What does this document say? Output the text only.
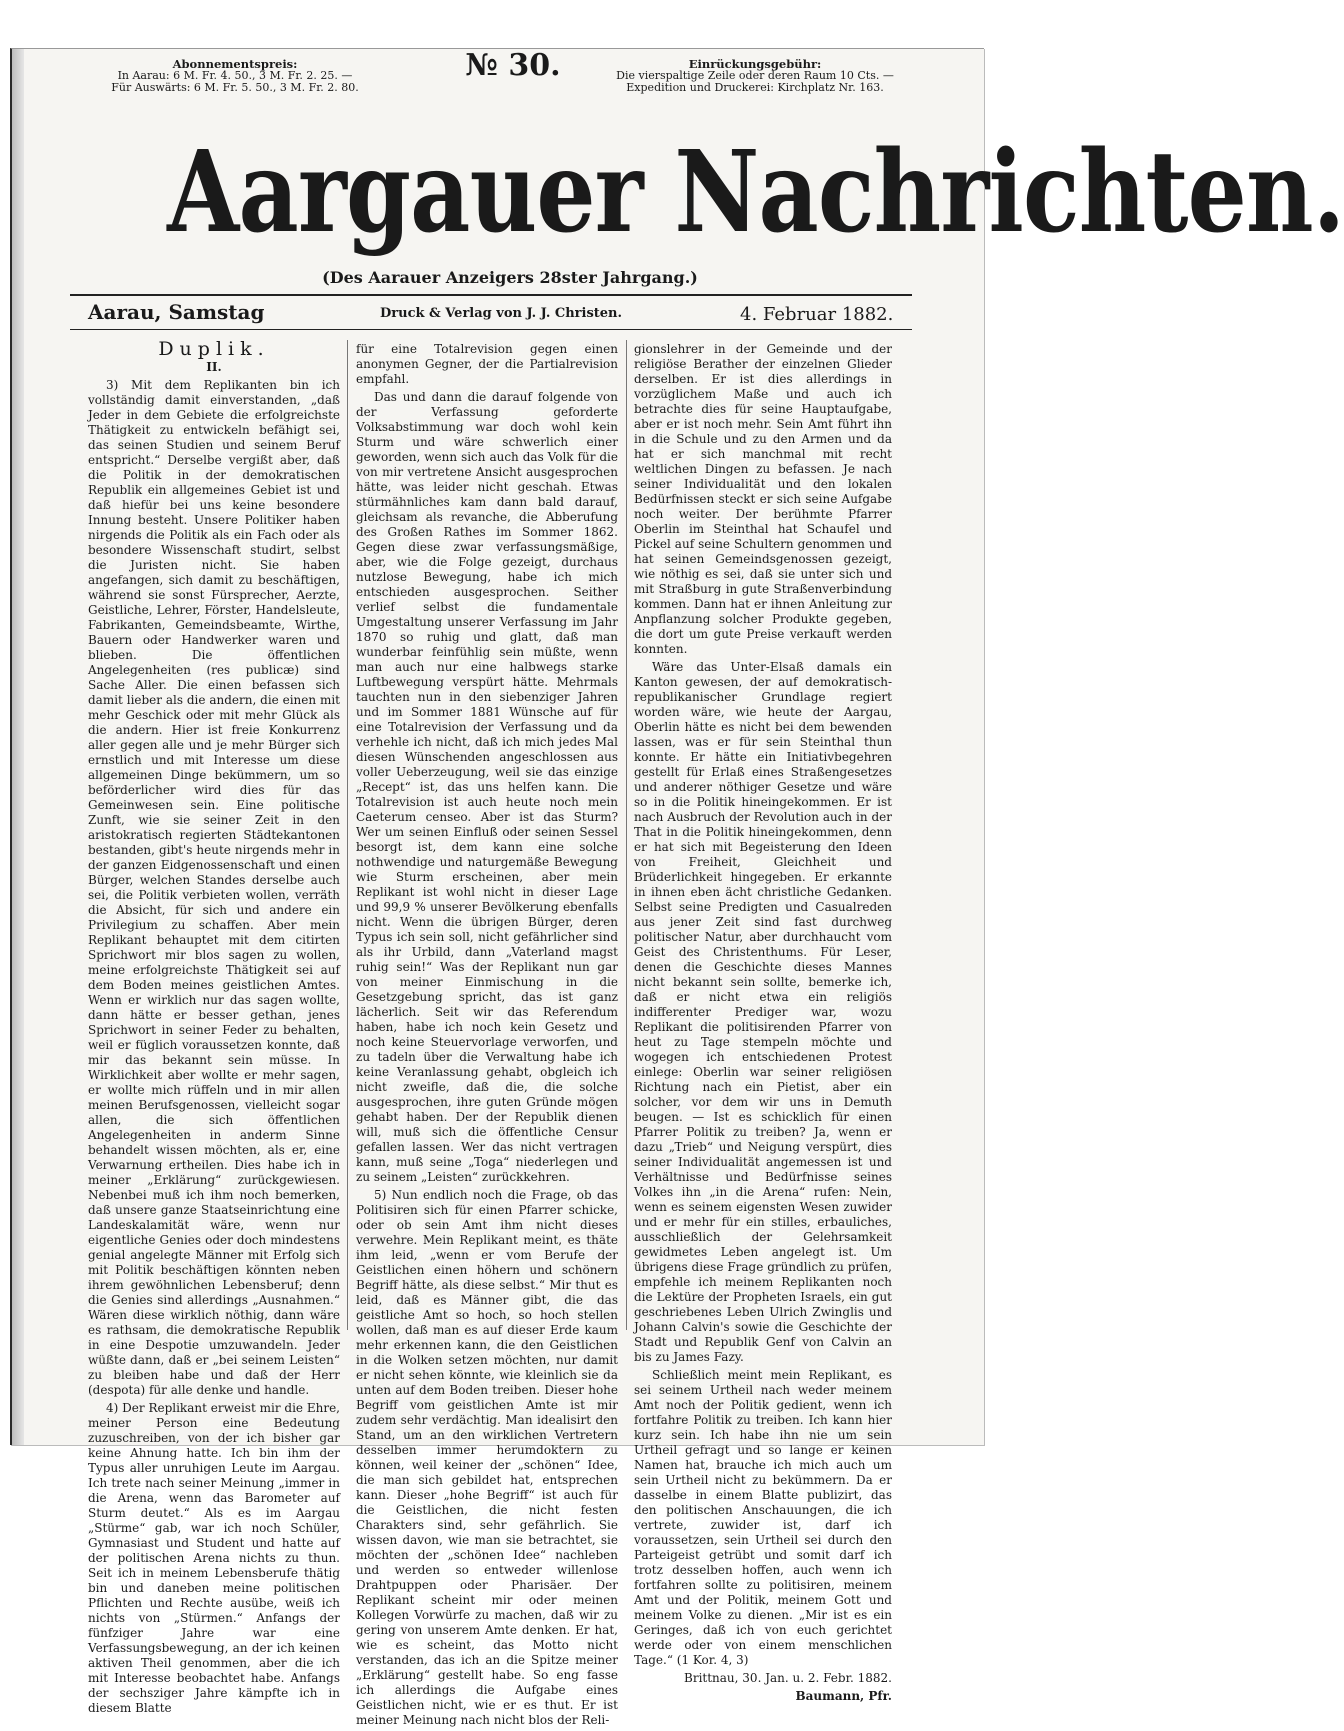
Abonnementspreis:
In Aarau: 6 M. Fr. 4. 50., 3 M. Fr. 2. 25. —
Für Auswärts: 6 M. Fr. 5. 50., 3 M. Fr. 2. 80.
№ 30.	Einrückungsgebühr:
Die vierspaltige Zeile oder deren Raum 10 Cts. —
Expedition und Druckerei: Kirchplatz Nr. 163.
Aargauer Nachrichten.
(Des Aarauer Anzeigers 28ster Jahrgang.)
Aarau, Samstag	Druck & Verlag von J. J. Christen.	4. Februar 1882.

Duplik.

II.

3) Mit dem Replikanten bin ich vollständig damit einverstanden, „daß Jeder in dem Gebiete die erfolgreichste Thätigkeit zu entwickeln befähigt sei, das seinen Studien und seinem Beruf entspricht.“ Derselbe vergißt aber, daß die Politik in der demokratischen Republik ein allgemeines Gebiet ist und daß hiefür bei uns keine besondere Innung besteht. Unsere Politiker haben nirgends die Politik als ein Fach oder als besondere Wissenschaft studirt, selbst die Juristen nicht. Sie haben angefangen, sich damit zu beschäftigen, während sie sonst Fürsprecher, Aerzte, Geistliche, Lehrer, Förster, Handelsleute, Fabrikanten, Gemeindsbeamte, Wirthe, Bauern oder Handwerker waren und blieben. Die öffentlichen Angelegenheiten (res publicæ) sind Sache Aller. Die einen befassen sich damit lieber als die andern, die einen mit mehr Geschick oder mit mehr Glück als die andern. Hier ist freie Konkurrenz aller gegen alle und je mehr Bürger sich ernstlich und mit Interesse um diese allgemeinen Dinge bekümmern, um so beförderlicher wird dies für das Gemeinwesen sein. Eine politische Zunft, wie sie seiner Zeit in den aristokratisch regierten Städtekantonen bestanden, gibt's heute nirgends mehr in der ganzen Eidgenossenschaft und einen Bürger, welchen Standes derselbe auch sei, die Politik verbieten wollen, verräth die Absicht, für sich und andere ein Privilegium zu schaffen. Aber mein Replikant behauptet mit dem citirten Sprichwort mir blos sagen zu wollen, meine erfolgreichste Thätigkeit sei auf dem Boden meines geistlichen Amtes. Wenn er wirklich nur das sagen wollte, dann hätte er besser gethan, jenes Sprichwort in seiner Feder zu behalten, weil er füglich voraussetzen konnte, daß mir das bekannt sein müsse. In Wirklichkeit aber wollte er mehr sagen, er wollte mich rüffeln und in mir allen meinen Berufsgenossen, vielleicht sogar allen, die sich öffentlichen Angelegenheiten in anderm Sinne behandelt wissen möchten, als er, eine Verwarnung ertheilen. Dies habe ich in meiner „Erklärung“ zurückgewiesen. Nebenbei muß ich ihm noch bemerken, daß unsere ganze Staatseinrichtung eine Landeskalamität wäre, wenn nur eigentliche Genies oder doch mindestens genial angelegte Männer mit Erfolg sich mit Politik beschäftigen könnten neben ihrem gewöhnlichen Lebensberuf; denn die Genies sind allerdings „Ausnahmen.“ Wären diese wirklich nöthig, dann wäre es rathsam, die demokratische Republik in eine Despotie umzuwandeln. Jeder wüßte dann, daß er „bei seinem Leisten“ zu bleiben habe und daß der Herr (despota) für alle denke und handle.

4) Der Replikant erweist mir die Ehre, meiner Person eine Bedeutung zuzuschreiben, von der ich bisher gar keine Ahnung hatte. Ich bin ihm der Typus aller unruhigen Leute im Aargau. Ich trete nach seiner Meinung „immer in die Arena, wenn das Barometer auf Sturm deutet.“ Als es im Aargau „Stürme“ gab, war ich noch Schüler, Gymnasiast und Student und hatte auf der politischen Arena nichts zu thun. Seit ich in meinem Lebensberufe thätig bin und daneben meine politischen Pflichten und Rechte ausübe, weiß ich nichts von „Stürmen.“ Anfangs der fünfziger Jahre war eine Verfassungsbewegung, an der ich keinen aktiven Theil genommen, aber die ich mit Interesse beobachtet habe. Anfangs der sechsziger Jahre kämpfte ich in diesem Blatte

für eine Totalrevision gegen einen anonymen Gegner, der die Partialrevision empfahl.

Das und dann die darauf folgende von der Verfassung geforderte Volksabstimmung war doch wohl kein Sturm und wäre schwerlich einer geworden, wenn sich auch das Volk für die von mir vertretene Ansicht ausgesprochen hätte, was leider nicht geschah. Etwas stürmähnliches kam dann bald darauf, gleichsam als revanche, die Abberufung des Großen Rathes im Sommer 1862. Gegen diese zwar verfassungsmäßige, aber, wie die Folge gezeigt, durchaus nutzlose Bewegung, habe ich mich entschieden ausgesprochen. Seither verlief selbst die fundamentale Umgestaltung unserer Verfassung im Jahr 1870 so ruhig und glatt, daß man wunderbar feinfühlig sein müßte, wenn man auch nur eine halbwegs starke Luftbewegung verspürt hätte. Mehrmals tauchten nun in den siebenziger Jahren und im Sommer 1881 Wünsche auf für eine Totalrevision der Verfassung und da verhehle ich nicht, daß ich mich jedes Mal diesen Wünschenden angeschlossen aus voller Ueberzeugung, weil sie das einzige „Recept“ ist, das uns helfen kann. Die Totalrevision ist auch heute noch mein Caeterum censeo. Aber ist das Sturm? Wer um seinen Einfluß oder seinen Sessel besorgt ist, dem kann eine solche nothwendige und naturgemäße Bewegung wie Sturm erscheinen, aber mein Replikant ist wohl nicht in dieser Lage und 99,9 % unserer Bevölkerung ebenfalls nicht. Wenn die übrigen Bürger, deren Typus ich sein soll, nicht gefährlicher sind als ihr Urbild, dann „Vaterland magst ruhig sein!“ Was der Replikant nun gar von meiner Einmischung in die Gesetzgebung spricht, das ist ganz lächerlich. Seit wir das Referendum haben, habe ich noch kein Gesetz und noch keine Steuervorlage verworfen, und zu tadeln über die Verwaltung habe ich keine Veranlassung gehabt, obgleich ich nicht zweifle, daß die, die solche ausgesprochen, ihre guten Gründe mögen gehabt haben. Der der Republik dienen will, muß sich die öffentliche Censur gefallen lassen. Wer das nicht vertragen kann, muß seine „Toga“ niederlegen und zu seinem „Leisten“ zurückkehren.

5) Nun endlich noch die Frage, ob das Politisiren sich für einen Pfarrer schicke, oder ob sein Amt ihm nicht dieses verwehre. Mein Replikant meint, es thäte ihm leid, „wenn er vom Berufe der Geistlichen einen höhern und schönern Begriff hätte, als diese selbst.“ Mir thut es leid, daß es Männer gibt, die das geistliche Amt so hoch, so hoch stellen wollen, daß man es auf dieser Erde kaum mehr erkennen kann, die den Geistlichen in die Wolken setzen möchten, nur damit er nicht sehen könnte, wie kleinlich sie da unten auf dem Boden treiben. Dieser hohe Begriff vom geistlichen Amte ist mir zudem sehr verdächtig. Man idealisirt den Stand, um an den wirklichen Vertretern desselben immer herumdoktern zu können, weil keiner der „schönen“ Idee, die man sich gebildet hat, entsprechen kann. Dieser „hohe Begriff“ ist auch für die Geistlichen, die nicht festen Charakters sind, sehr gefährlich. Sie wissen davon, wie man sie betrachtet, sie möchten der „schönen Idee“ nachleben und werden so entweder willenlose Drahtpuppen oder Pharisäer. Der Replikant scheint mir oder meinen Kollegen Vorwürfe zu machen, daß wir zu gering von unserem Amte denken. Er hat, wie es scheint, das Motto nicht verstanden, das ich an die Spitze meiner „Erklärung“ gestellt habe. So eng fasse ich allerdings die Aufgabe eines Geistlichen nicht, wie er es thut. Er ist meiner Meinung nach nicht blos der Reli-

gionslehrer in der Gemeinde und der religiöse Berather der einzelnen Glieder derselben. Er ist dies allerdings in vorzüglichem Maße und auch ich betrachte dies für seine Hauptaufgabe, aber er ist noch mehr. Sein Amt führt ihn in die Schule und zu den Armen und da hat er sich manchmal mit recht weltlichen Dingen zu befassen. Je nach seiner Individualität und den lokalen Bedürfnissen steckt er sich seine Aufgabe noch weiter. Der berühmte Pfarrer Oberlin im Steinthal hat Schaufel und Pickel auf seine Schultern genommen und hat seinen Gemeindsgenossen gezeigt, wie nöthig es sei, daß sie unter sich und mit Straßburg in gute Straßenverbindung kommen. Dann hat er ihnen Anleitung zur Anpflanzung solcher Produkte gegeben, die dort um gute Preise verkauft werden konnten.

Wäre das Unter-Elsaß damals ein Kanton gewesen, der auf demokratisch-republikanischer Grundlage regiert worden wäre, wie heute der Aargau, Oberlin hätte es nicht bei dem bewenden lassen, was er für sein Steinthal thun konnte. Er hätte ein Initiativbegehren gestellt für Erlaß eines Straßengesetzes und anderer nöthiger Gesetze und wäre so in die Politik hineingekommen. Er ist nach Ausbruch der Revolution auch in der That in die Politik hineingekommen, denn er hat sich mit Begeisterung den Ideen von Freiheit, Gleichheit und Brüderlichkeit hingegeben. Er erkannte in ihnen eben ächt christliche Gedanken. Selbst seine Predigten und Casualreden aus jener Zeit sind fast durchweg politischer Natur, aber durchhaucht vom Geist des Christenthums. Für Leser, denen die Geschichte dieses Mannes nicht bekannt sein sollte, bemerke ich, daß er nicht etwa ein religiös indifferenter Prediger war, wozu Replikant die politisirenden Pfarrer von heut zu Tage stempeln möchte und wogegen ich entschiedenen Protest einlege: Oberlin war seiner religiösen Richtung nach ein Pietist, aber ein solcher, vor dem wir uns in Demuth beugen. — Ist es schicklich für einen Pfarrer Politik zu treiben? Ja, wenn er dazu „Trieb“ und Neigung verspürt, dies seiner Individualität angemessen ist und Verhältnisse und Bedürfnisse seines Volkes ihn „in die Arena“ rufen: Nein, wenn es seinem eigensten Wesen zuwider und er mehr für ein stilles, erbauliches, ausschließlich der Gelehrsamkeit gewidmetes Leben angelegt ist. Um übrigens diese Frage gründlich zu prüfen, empfehle ich meinem Replikanten noch die Lektüre der Propheten Israels, ein gut geschriebenes Leben Ulrich Zwinglis und Johann Calvin's sowie die Geschichte der Stadt und Republik Genf von Calvin an bis zu James Fazy.

Schließlich meint mein Replikant, es sei seinem Urtheil nach weder meinem Amt noch der Politik gedient, wenn ich fortfahre Politik zu treiben. Ich kann hier kurz sein. Ich habe ihn nie um sein Urtheil gefragt und so lange er keinen Namen hat, brauche ich mich auch um sein Urtheil nicht zu bekümmern. Da er dasselbe in einem Blatte publizirt, das den politischen Anschauungen, die ich vertrete, zuwider ist, darf ich voraussetzen, sein Urtheil sei durch den Parteigeist getrübt und somit darf ich trotz desselben hoffen, auch wenn ich fortfahren sollte zu politisiren, meinem Amt und der Politik, meinem Gott und meinem Volke zu dienen. „Mir ist es ein Geringes, daß ich von euch gerichtet werde oder von einem menschlichen Tage.“ (1 Kor. 4, 3)

Brittnau, 30. Jan. u. 2. Febr. 1882.

Baumann, Pfr.
